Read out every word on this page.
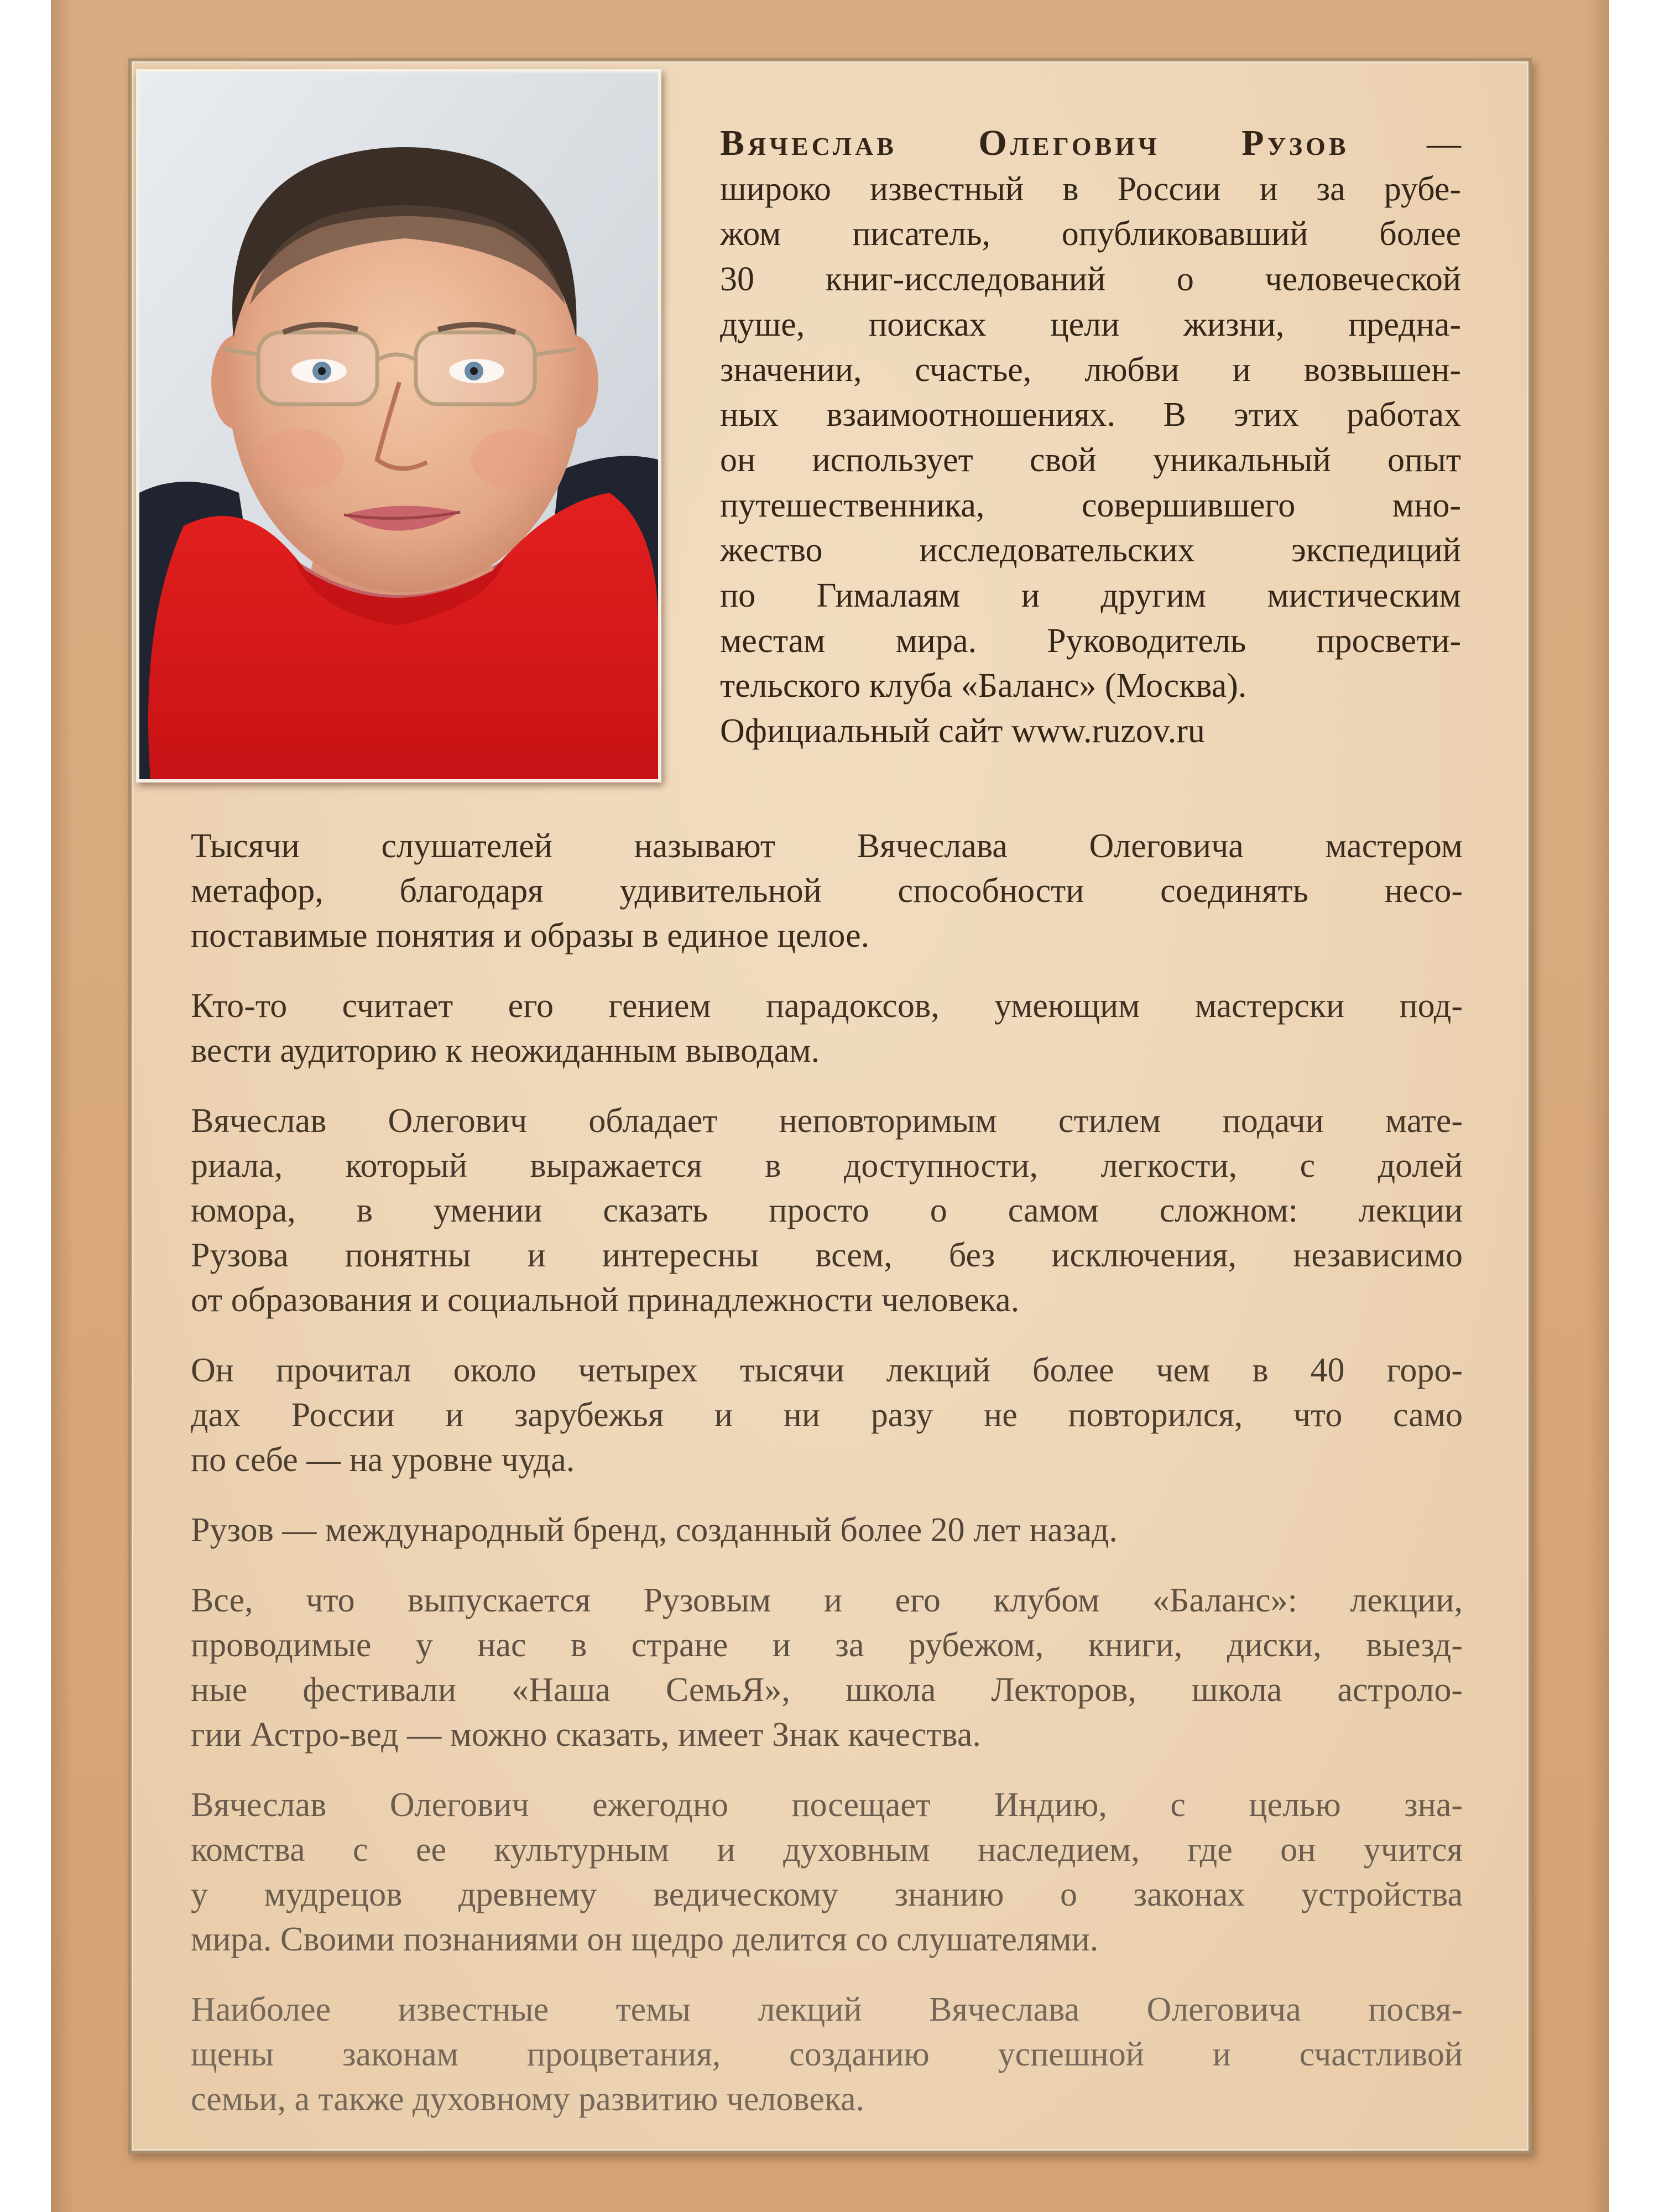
Вячеслав Олегович Рузов —
широко известный в России и за рубе-
жом писатель, опубликовавший более
30 книг-исследований о человеческой
душе, поисках цели жизни, предна-
значении, счастье, любви и возвышен-
ных взаимоотношениях. В этих работах
он использует свой уникальный опыт
путешественника, совершившего мно-
жество исследовательских экспедиций
по Гималаям и другим мистическим
местам мира. Руководитель просвети-
тельского клуба «Баланс» (Москва).
Официальный сайт www.ruzov.ru

Тысячи слушателей называют Вячеслава Олеговича мастером
метафор, благодаря удивительной способности соединять несо-
поставимые понятия и образы в единое целое.

Кто-то считает его гением парадоксов, умеющим мастерски под-
вести аудиторию к неожиданным выводам.

Вячеслав Олегович обладает неповторимым стилем подачи мате-
риала, который выражается в доступности, легкости, с долей
юмора, в умении сказать просто о самом сложном: лекции
Рузова понятны и интересны всем, без исключения, независимо
от образования и социальной принадлежности человека.

Он прочитал около четырех тысячи лекций более чем в 40 горо-
дах России и зарубежья и ни разу не повторился, что само
по себе — на уровне чуда.

Рузов — международный бренд, созданный более 20 лет назад.

Все, что выпускается Рузовым и его клубом «Баланс»: лекции,
проводимые у нас в стране и за рубежом, книги, диски, выезд-
ные фестивали «Наша СемьЯ», школа Лекторов, школа астроло-
гии Астро-вед — можно сказать, имеет Знак качества.

Вячеслав Олегович ежегодно посещает Индию, с целью зна-
комства с ее культурным и духовным наследием, где он учится
у мудрецов древнему ведическому знанию о законах устройства
мира. Своими познаниями он щедро делится со слушателями.

Наиболее известные темы лекций Вячеслава Олеговича посвя-
щены законам процветания, созданию успешной и счастливой
семьи, а также духовному развитию человека.
